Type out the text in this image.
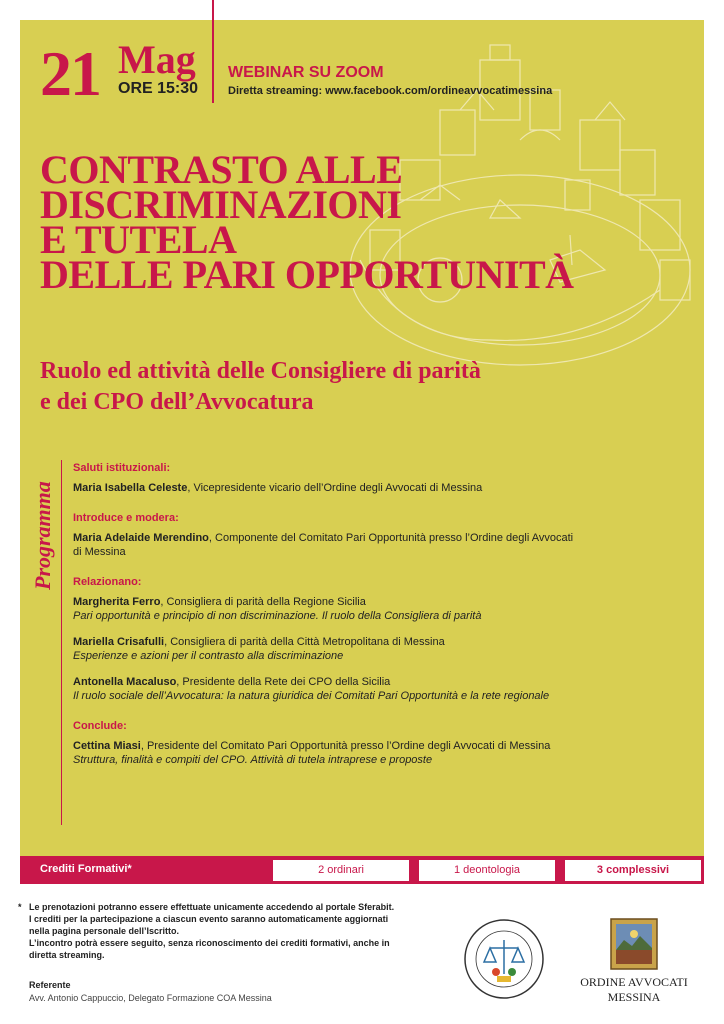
21 Mag
ORE 15:30
WEBINAR SU ZOOM
Diretta streaming: www.facebook.com/ordineavvocatimessina
CONTRASTO ALLE
DISCRIMINAZIONI
E TUTELA
DELLE PARI OPPORTUNITÀ
Ruolo ed attività delle Consigliere di parità
e dei CPO dell’Avvocatura
Programma
Saluti istituzionali:
Maria Isabella Celeste, Vicepresidente vicario dell’Ordine degli Avvocati di Messina
Introduce e modera:
Maria Adelaide Merendino, Componente del Comitato Pari Opportunità presso l’Ordine degli Avvocati
di Messina
Relazionano:
Margherita Ferro, Consigliera di parità della Regione Sicilia
Pari opportunità e principio di non discriminazione. Il ruolo della Consigliera di parità
Mariella Crisafulli, Consigliera di parità della Città Metropolitana di Messina
Esperienze e azioni per il contrasto alla discriminazione
Antonella Macaluso, Presidente della Rete dei CPO della Sicilia
Il ruolo sociale dell’Avvocatura: la natura giuridica dei Comitati Pari Opportunità e la rete regionale
Conclude:
Cettina Miasi, Presidente del Comitato Pari Opportunità presso l’Ordine degli Avvocati di Messina
Struttura, finalità e compiti del CPO. Attività di tutela intraprese e proposte
Crediti Formativi*	2 ordinari	1 deontologia	3 complessivi
* Le prenotazioni potranno essere effettuate unicamente accedendo al portale Sferabit.

I crediti per la partecipazione a ciascun evento saranno automaticamente aggiornati

nella pagina personale dell’Iscritto.

L’incontro potrà essere seguito, senza riconoscimento dei crediti formativi, anche in

diretta streaming.

Referente
Avv. Antonio Cappuccio, Delegato Formazione COA Messina
ORDINE AVVOCATI
MESSINA
